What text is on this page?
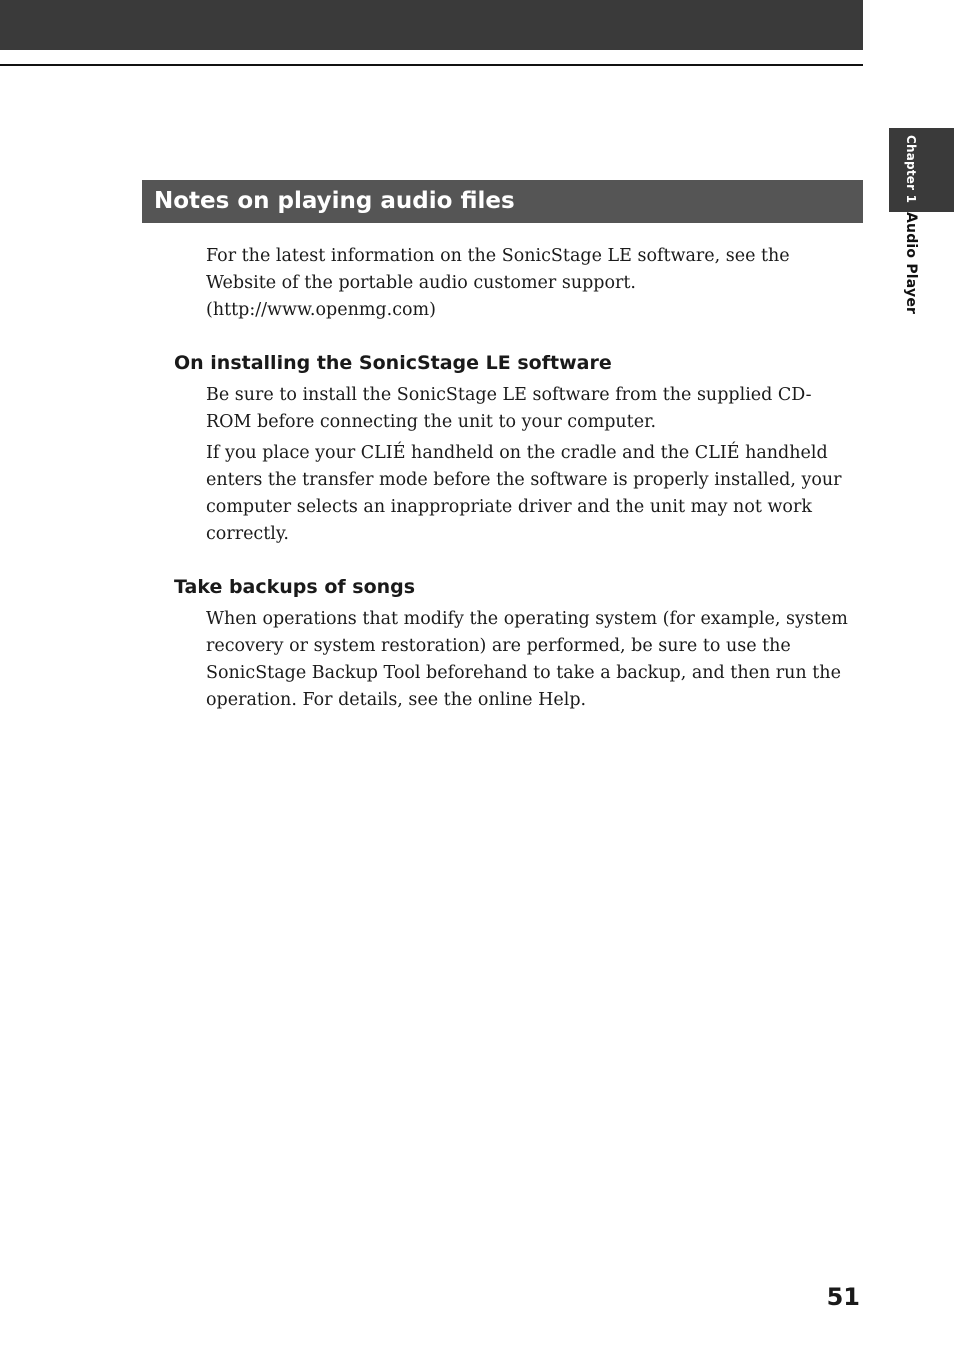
Chapter 1Audio Player
Notes on playing audio files

For the latest information on the SonicStage LE software, see the Website of the portable audio customer support. (http://www.openmg.com)

On installing the SonicStage LE software

Be sure to install the SonicStage LE software from the supplied CD-ROM before connecting the unit to your computer.

If you place your CLIÉ handheld on the cradle and the CLIÉ handheld enters the transfer mode before the software is properly installed, your computer selects an inappropriate driver and the unit may not work correctly.

Take backups of songs

When operations that modify the operating system (for example, system recovery or system restoration) are performed, be sure to use the SonicStage Backup Tool beforehand to take a backup, and then run the operation. For details, see the online Help.

51
